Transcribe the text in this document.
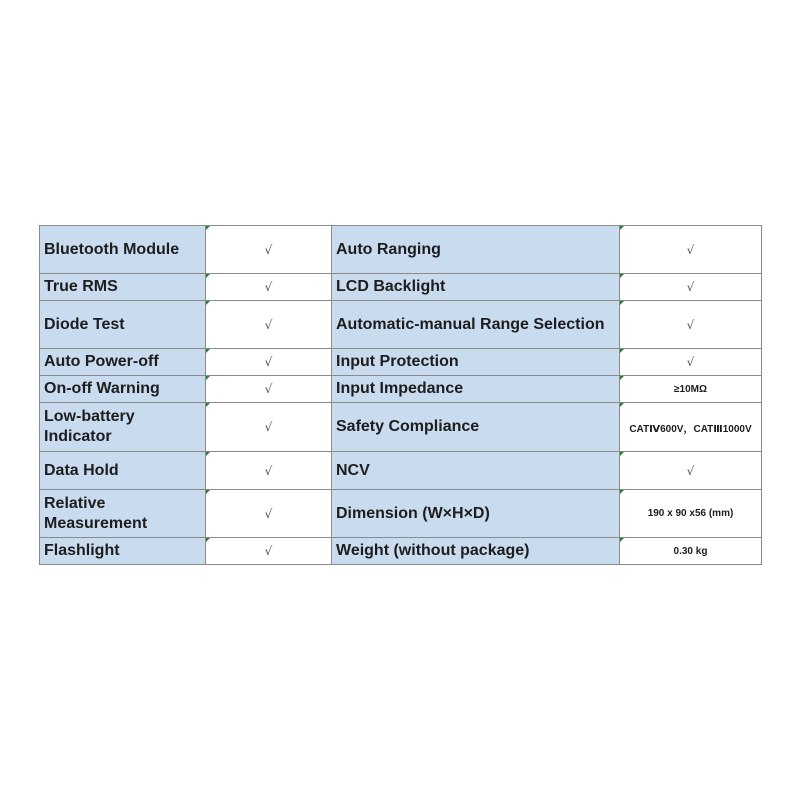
Bluetooth Module	√	Auto Ranging	√
True RMS	√	LCD Backlight	√
Diode Test	√	Automatic-manual Range Selection	√
Auto Power-off	√	Input Protection	√
On-off Warning	√	Input Impedance	≥10MΩ
Low-battery Indicator	√	Safety Compliance	CATⅣ600V，CATⅢ1000V
Data Hold	√	NCV	√
Relative Measurement	√	Dimension (W×H×D)	190 x 90 x56 (mm)
Flashlight	√	Weight (without package)	0.30 kg
